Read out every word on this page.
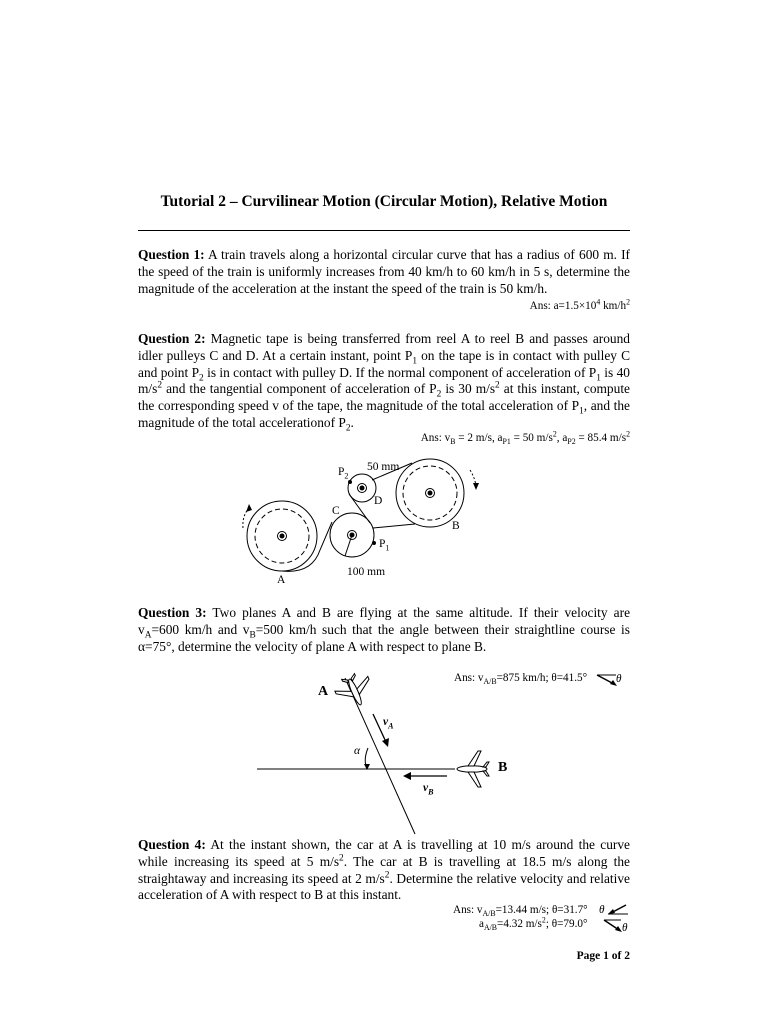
Tutorial 2 – Curvilinear Motion (Circular Motion), Relative Motion
Question 1: A train travels along a horizontal circular curve that has a radius of 600 m. If the speed of the train is uniformly increases from 40 km/h to 60 km/h in 5 s, determine the magnitude of the acceleration at the instant the speed of the train is 50 km/h.
Ans: $a=1.5\times 10^4$ $km/h^2$
Question 2: Magnetic tape is being transferred from reel A to reel B and passes around idler pulleys C and D. At a certain instant, point $P_1$ on the tape is in contact with pulley C and point $P_2$ is in contact with pulley D. If the normal component of acceleration of $P_1$ is 40 $m/s^2$ and the tangential component of acceleration of $P_2$ is 30 $m/s^2$ at this instant, compute the corresponding speed v of the tape, the magnitude of the total acceleration of $P_1$, and the magnitude of the total accelerationof $P_2$.
Ans: $v_B = 2$ m/s, $a_{P1} = 50$ $m/s^2$, $a_{P2} = 85.4$ $m/s^2$
$P_2$
50 mm
D
C
B
$P_1$
100 mm
A
Question 3: Two planes A and B are flying at the same altitude. If their velocity are $v_A=600$ km/h and $v_B=500$ km/h such that the angle between their straightline course is α=75°, determine the velocity of plane A with respect to plane B.
Ans: $v_{A/B}=875$ km/h; θ=41.5°	θ
A
B
$v_A$
$v_B$
α
Question 4: At the instant shown, the car at A is travelling at 10 m/s around the curve while increasing its speed at 5 $m/s^2$. The car at B is travelling at 18.5 m/s along the straightaway and increasing its speed at 2 $m/s^2$. Determine the relative velocity and relative acceleration of A with respect to B at this instant.
Ans: $v_{A/B}=13.44$ m/s; θ=31.7° θ
$a_{A/B}=4.32$ $m/s^2$; θ=79.0°	θ
Page 1 of 2
